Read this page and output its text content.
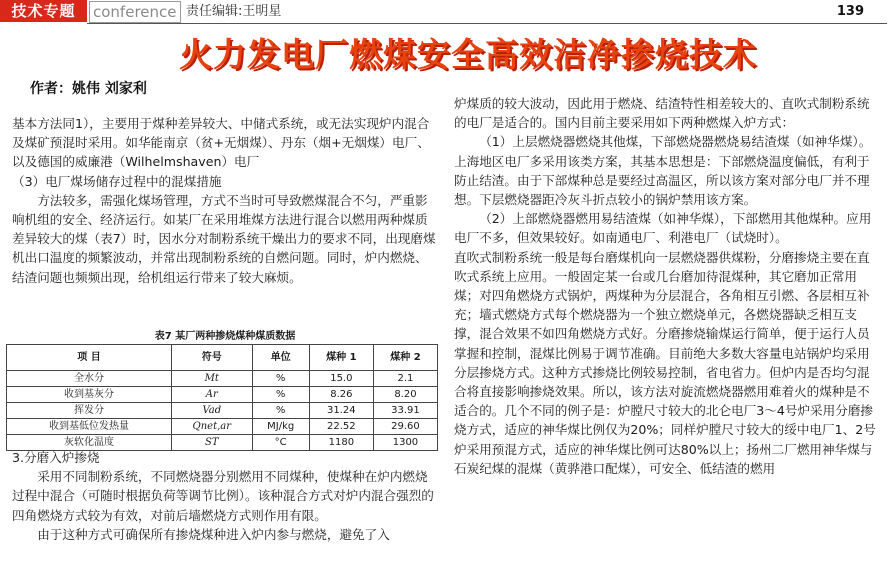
技术专题	conference 责任编辑:王明星	139
火力发电厂燃煤安全高效洁净掺烧技术
作者：姚伟 刘家利

基本方法同1），主要用于煤种差异较大、中储式系统，或无法实现炉内混合及煤矿预混时采用。如华能南京（贫+无烟煤）、丹东（烟+无烟煤）电厂、以及德国的威廉港（Wilhelmshaven）电厂

（3）电厂煤场储存过程中的混煤措施

方法较多，需强化煤场管理，方式不当时可导致燃煤混合不匀，严重影响机组的安全、经济运行。如某厂在采用堆煤方法进行混合以燃用两种煤质差异较大的煤（表7）时，因水分对制粉系统干燥出力的要求不同，出现磨煤机出口温度的频繁波动，并常出现制粉系统的自燃问题。同时，炉内燃烧、结渣问题也频频出现，给机组运行带来了较大麻烦。

表7 某厂两种掺烧煤种煤质数据
项 目	符号	单位	煤种 1	煤种 2
全水分	Mt	%	15.0	2.1
收到基灰分	Ar	%	8.26	8.20
挥发分	Vad	%	31.24	33.91
收到基低位发热量	Qnet,ar	MJ/kg	22.52	29.60
灰软化温度	ST	°C	1180	1300

3.分磨入炉掺烧

采用不同制粉系统，不同燃烧器分别燃用不同煤种，使煤种在炉内燃烧过程中混合（可随时根据负荷等调节比例）。该种混合方式对炉内混合强烈的四角燃烧方式较为有效，对前后墙燃烧方式则作用有限。

由于这种方式可确保所有掺烧煤种进入炉内参与燃烧，避免了入

炉煤质的较大波动，因此用于燃烧、结渣特性相差较大的、直吹式制粉系统的电厂是适合的。国内目前主要采用如下两种燃煤入炉方式：

（1）上层燃烧器燃烧其他煤，下部燃烧器燃烧易结渣煤（如神华煤）。上海地区电厂多采用该类方案，其基本思想是：下部燃烧温度偏低，有利于防止结渣。由于下部煤种总是要经过高温区，所以该方案对部分电厂并不理想。下层燃烧器距冷灰斗折点较小的锅炉禁用该方案。

（2）上部燃烧器燃用易结渣煤（如神华煤），下部燃用其他煤种。应用电厂不多，但效果较好。如南通电厂、利港电厂（试烧时）。

直吹式制粉系统一般是每台磨煤机向一层燃烧器供煤粉，分磨掺烧主要在直吹式系统上应用。一般固定某一台或几台磨加待混煤种，其它磨加正常用煤；对四角燃烧方式锅炉，两煤种为分层混合，各角相互引燃、各层相互补充；墙式燃烧方式每个燃烧器为一个独立燃烧单元，各燃烧器缺乏相互支撑，混合效果不如四角燃烧方式好。分磨掺烧输煤运行简单，便于运行人员掌握和控制，混煤比例易于调节准确。目前绝大多数大容量电站锅炉均采用分层掺烧方式。这种方式掺烧比例较易控制，省电省力。但炉内是否均匀混合将直接影响掺烧效果。所以，该方法对旋流燃烧器燃用难着火的煤种是不适合的。几个不同的例子是：炉膛尺寸较大的北仑电厂3～4号炉采用分磨掺烧方式，适应的神华煤比例仅为20%；同样炉膛尺寸较大的绥中电厂1、2号炉采用预混方式，适应的神华煤比例可达80%以上；扬州二厂燃用神华煤与石炭纪煤的混煤（黄骅港口配煤），可安全、低结渣的燃用
